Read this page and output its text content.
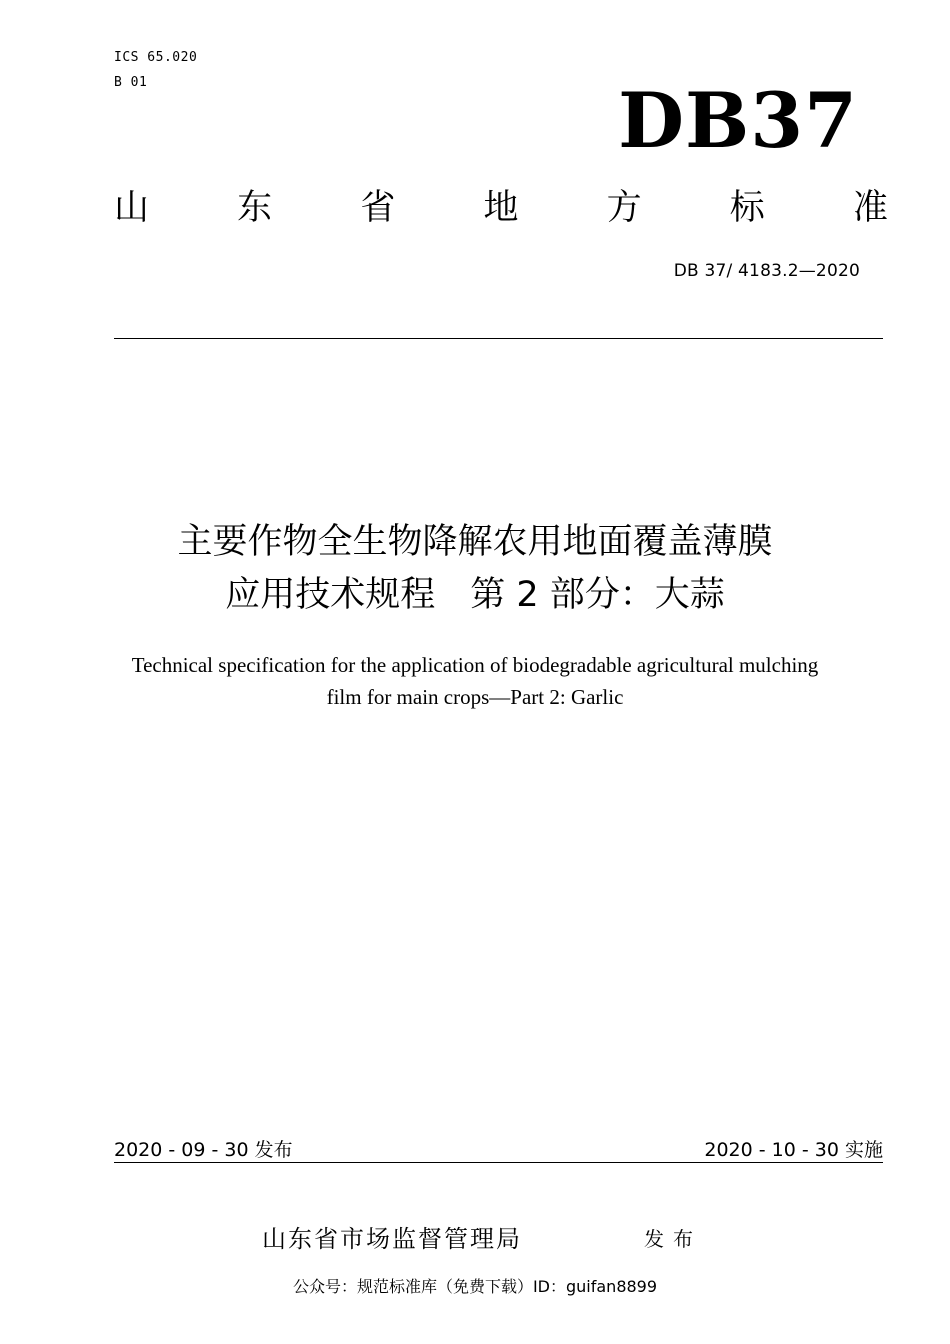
ICS 65.020
B 01	DB37
山	东	省	地	方	标	准
DB 37/ 4183.2—2020
主要作物全生物降解农用地面覆盖薄膜
应用技术规程　第 2 部分：大蒜
Technical specification for the application of biodegradable agricultural mulching
film for main crops—Part 2: Garlic
2020 - 09 - 30 发布	2020 - 10 - 30 实施
山东省市场监督管理局	发布
公众号：规范标准库（免费下载）ID：guifan8899
